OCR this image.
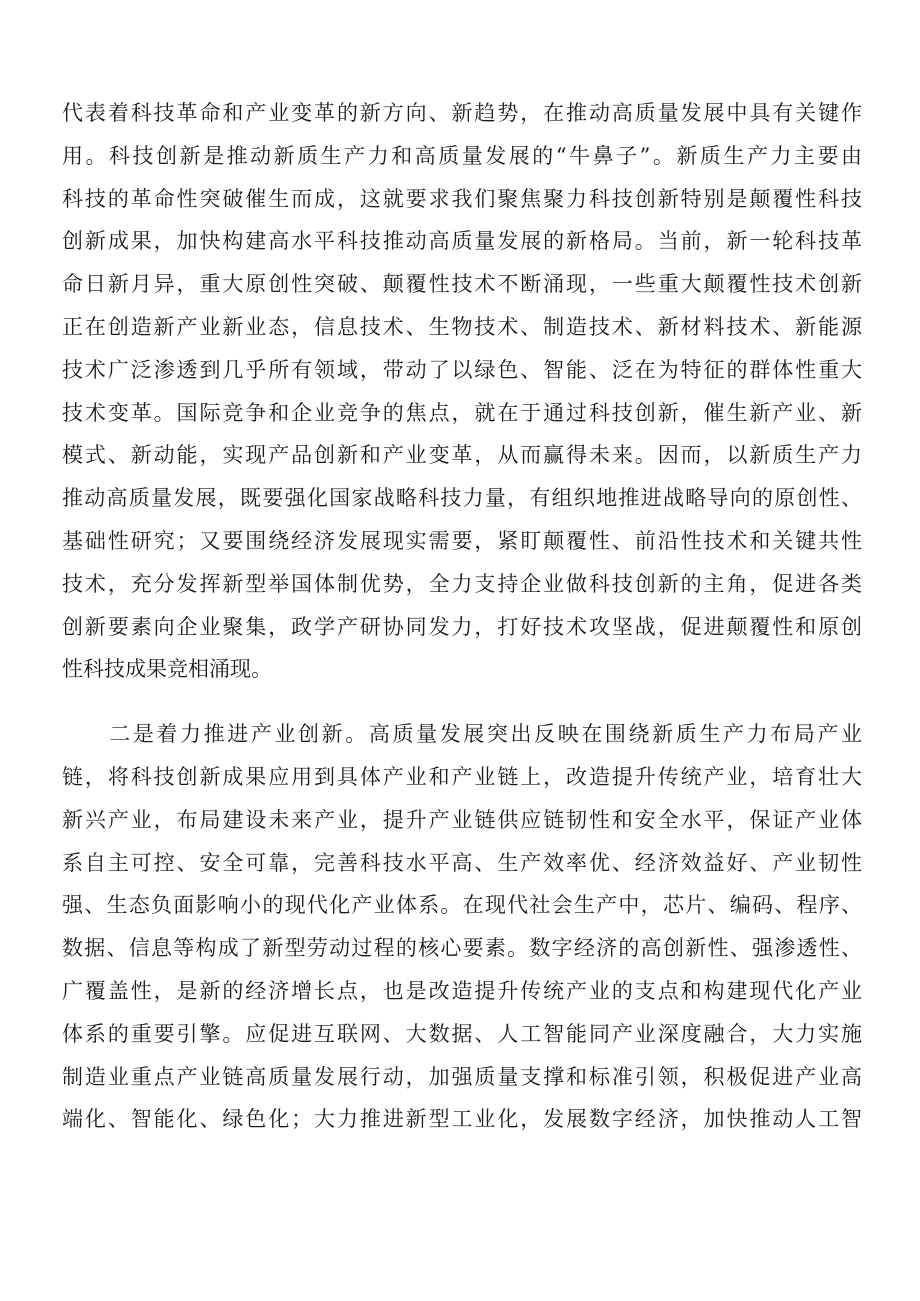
代表着科技革命和产业变革的新方向、新趋势，在推动高质量发展中具有关键作
用。科技创新是推动新质生产力和高质量发展的“牛鼻子”。新质生产力主要由
科技的革命性突破催生而成，这就要求我们聚焦聚力科技创新特别是颠覆性科技
创新成果，加快构建高水平科技推动高质量发展的新格局。当前，新一轮科技革
命日新月异，重大原创性突破、颠覆性技术不断涌现，一些重大颠覆性技术创新
正在创造新产业新业态，信息技术、生物技术、制造技术、新材料技术、新能源
技术广泛渗透到几乎所有领域，带动了以绿色、智能、泛在为特征的群体性重大
技术变革。国际竞争和企业竞争的焦点，就在于通过科技创新，催生新产业、新
模式、新动能，实现产品创新和产业变革，从而赢得未来。因而，以新质生产力
推动高质量发展，既要强化国家战略科技力量，有组织地推进战略导向的原创性、
基础性研究；又要围绕经济发展现实需要，紧盯颠覆性、前沿性技术和关键共性
技术，充分发挥新型举国体制优势，全力支持企业做科技创新的主角，促进各类
创新要素向企业聚集，政学产研协同发力，打好技术攻坚战，促进颠覆性和原创
性科技成果竞相涌现。
　　二是着力推进产业创新。高质量发展突出反映在围绕新质生产力布局产业
链，将科技创新成果应用到具体产业和产业链上，改造提升传统产业，培育壮大
新兴产业，布局建设未来产业，提升产业链供应链韧性和安全水平，保证产业体
系自主可控、安全可靠，完善科技水平高、生产效率优、经济效益好、产业韧性
强、生态负面影响小的现代化产业体系。在现代社会生产中，芯片、编码、程序、
数据、信息等构成了新型劳动过程的核心要素。数字经济的高创新性、强渗透性、
广覆盖性，是新的经济增长点，也是改造提升传统产业的支点和构建现代化产业
体系的重要引擎。应促进互联网、大数据、人工智能同产业深度融合，大力实施
制造业重点产业链高质量发展行动，加强质量支撑和标准引领，积极促进产业高
端化、智能化、绿色化；大力推进新型工业化，发展数字经济，加快推动人工智
